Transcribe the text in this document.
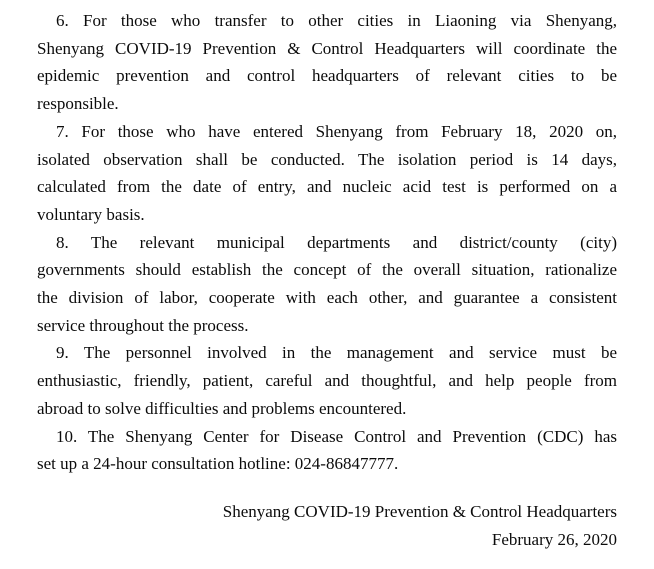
6. For those who transfer to other cities in Liaoning via Shenyang,
Shenyang COVID-19 Prevention & Control Headquarters will coordinate the
epidemic prevention and control headquarters of relevant cities to be
responsible.
7. For those who have entered Shenyang from February 18, 2020 on,
isolated observation shall be conducted. The isolation period is 14 days,
calculated from the date of entry, and nucleic acid test is performed on a
voluntary basis.
8. The relevant municipal departments and district/county (city)
governments should establish the concept of the overall situation, rationalize
the division of labor, cooperate with each other, and guarantee a consistent
service throughout the process.
9. The personnel involved in the management and service must be
enthusiastic, friendly, patient, careful and thoughtful, and help people from
abroad to solve difficulties and problems encountered.
10. The Shenyang Center for Disease Control and Prevention (CDC) has
set up a 24-hour consultation hotline: 024-86847777.
Shenyang COVID-19 Prevention & Control Headquarters
February 26, 2020
